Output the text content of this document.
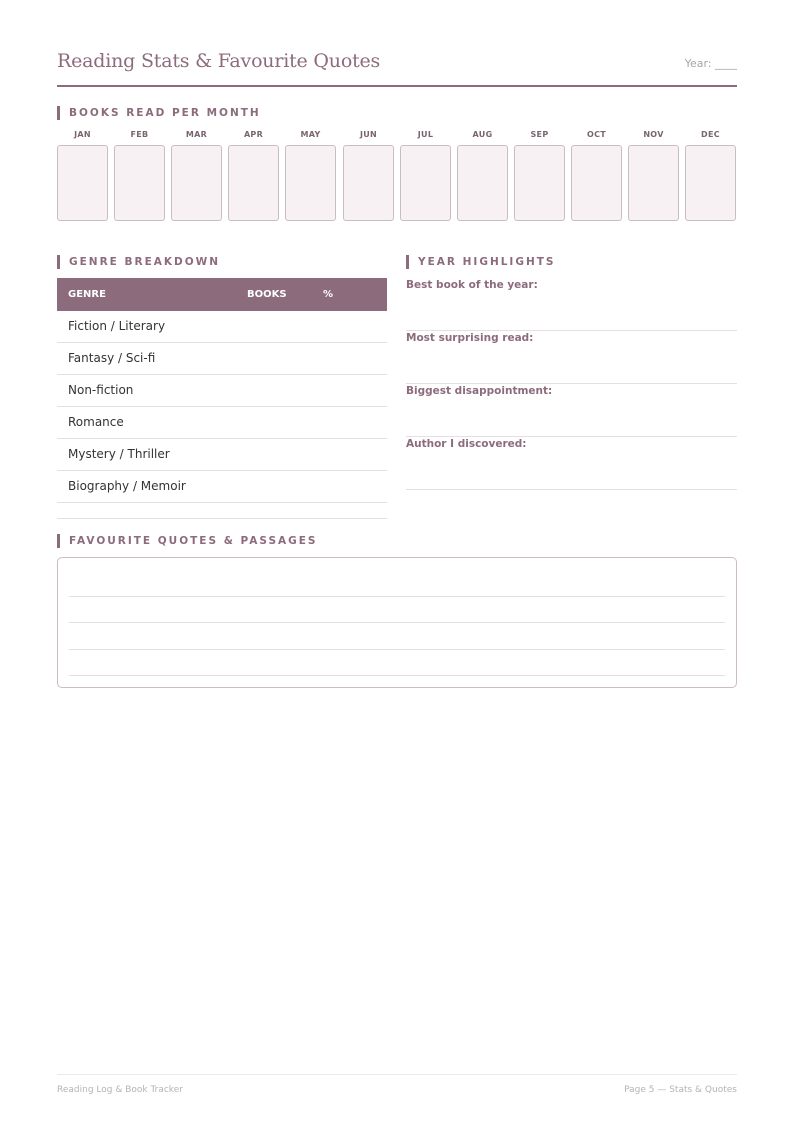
Reading Stats & Favourite Quotes	Year: ____
BOOKS READ PER MONTH
JAN	FEB	MAR	APR	MAY	JUN	JUL	AUG	SEP	OCT	NOV	DEC
GENRE BREAKDOWN	YEAR HIGHLIGHTS
GENRE	BOOKS	%
Fiction / Literary
Fantasy / Sci-fi
Non-fiction
Romance
Mystery / Thriller
Biography / Memoir
Best book of the year:
Most surprising read:
Biggest disappointment:
Author I discovered:
FAVOURITE QUOTES & PASSAGES
Reading Log & Book Tracker	Page 5 — Stats & Quotes
